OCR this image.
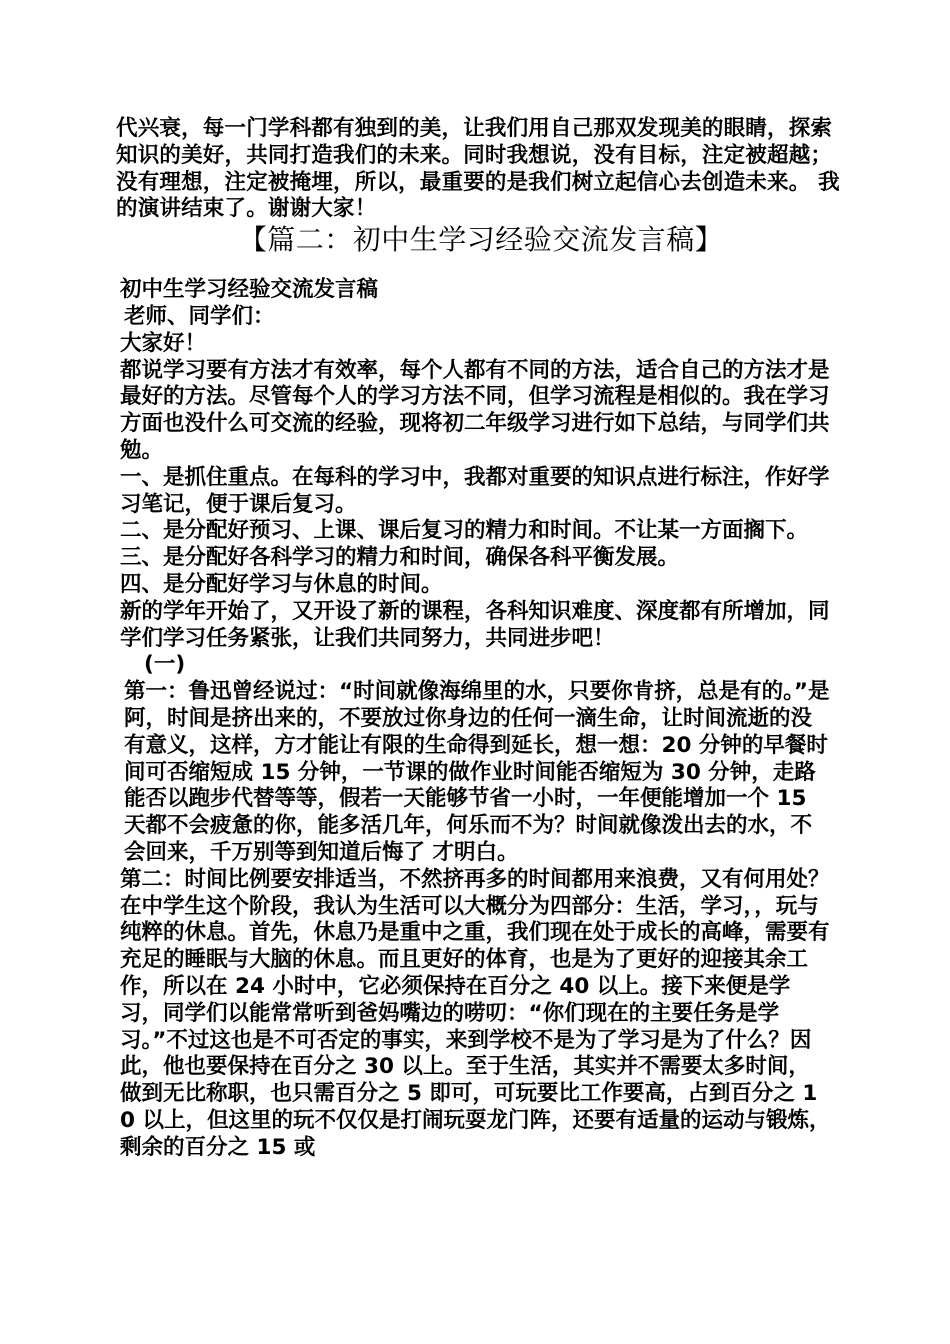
代兴衰，每一门学科都有独到的美，让我们用自己那双发现美的眼睛，探索知识的美好，共同打造我们的未来。同时我想说，没有目标，注定被超越；没有理想，注定被掩埋，所以，最重要的是我们树立起信心去创造未来。 我的演讲结束了。谢谢大家！

【篇二：初中生学习经验交流发言稿】

初中生学习经验交流发言稿

老师、同学们：

大家好！

都说学习要有方法才有效率，每个人都有不同的方法，适合自己的方法才是最好的方法。尽管每个人的学习方法不同，但学习流程是相似的。我在学习方面也没什么可交流的经验，现将初二年级学习进行如下总结，与同学们共勉。

一、是抓住重点。在每科的学习中，我都对重要的知识点进行标注，作好学习笔记，便于课后复习。

二、是分配好预习、上课、课后复习的精力和时间。不让某一方面搁下。

三、是分配好各科学习的精力和时间，确保各科平衡发展。

四、是分配好学习与休息的时间。

新的学年开始了，又开设了新的课程，各科知识难度、深度都有所增加，同学们学习任务紧张，让我们共同努力，共同进步吧！

(一)

第一：鲁迅曾经说过：“时间就像海绵里的水，只要你肯挤，总是有的。”是阿，时间是挤出来的，不要放过你身边的任何一滴生命，让时间流逝的没有意义，这样，方才能让有限的生命得到延长，想一想：20 分钟的早餐时间可否缩短成 15 分钟，一节课的做作业时间能否缩短为 30 分钟，走路能否以跑步代替等等，假若一天能够节省一小时，一年便能增加一个 15 天都不会疲惫的你，能多活几年，何乐而不为？时间就像泼出去的水，不会回来，千万别等到知道后悔了 才明白。

第二：时间比例要安排适当，不然挤再多的时间都用来浪费，又有何用处？在中学生这个阶段，我认为生活可以大概分为四部分：生活，学习，，玩与纯粹的休息。首先，休息乃是重中之重，我们现在处于成长的高峰，需要有充足的睡眠与大脑的休息。而且更好的体育，也是为了更好的迎接其余工作，所以在 24 小时中，它必须保持在百分之 40 以上。接下来便是学习，同学们以能常常听到爸妈嘴边的唠叨：“你们现在的主要任务是学习。”不过这也是不可否定的事实，来到学校不是为了学习是为了什么？因此，他也要保持在百分之 30 以上。至于生活，其实并不需要太多时间，做到无比称职，也只需百分之 5 即可，可玩要比工作要高，占到百分之 10 以上，但这里的玩不仅仅是打闹玩耍龙门阵，还要有适量的运动与锻炼，剩余的百分之 15 或
